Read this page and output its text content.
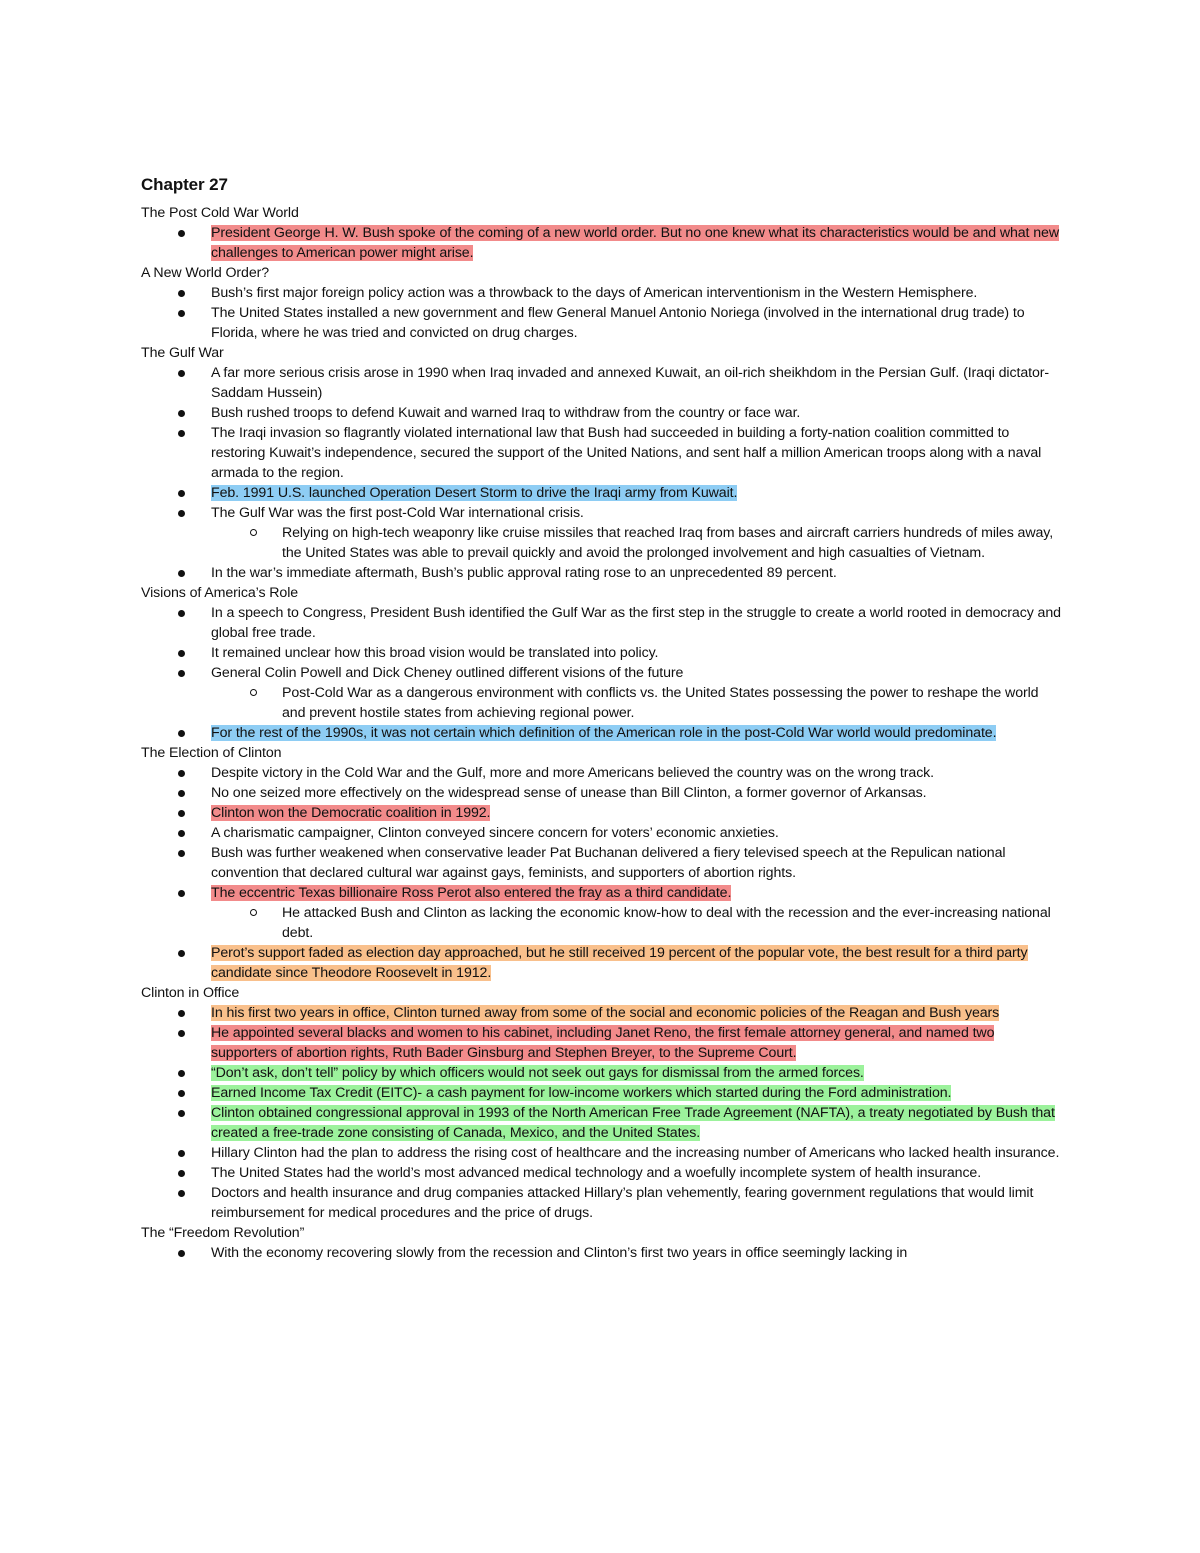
Chapter 27
The Post Cold War World
President George H. W. Bush spoke of the coming of a new world order. But no one knew what its characteristics would be and what new challenges to American power might arise.
A New World Order?
Bush’s first major foreign policy action was a throwback to the days of American interventionism in the Western Hemisphere.
The United States installed a new government and flew General Manuel Antonio Noriega (involved in the international drug trade) to Florida, where he was tried and convicted on drug charges.
The Gulf War
A far more serious crisis arose in 1990 when Iraq invaded and annexed Kuwait, an oil-rich sheikhdom in the Persian Gulf. (Iraqi dictator- Saddam Hussein)
Bush rushed troops to defend Kuwait and warned Iraq to withdraw from the country or face war.
The Iraqi invasion so flagrantly violated international law that Bush had succeeded in building a forty-nation coalition committed to restoring Kuwait’s independence, secured the support of the United Nations, and sent half a million American troops along with a naval armada to the region.
Feb. 1991 U.S. launched Operation Desert Storm to drive the Iraqi army from Kuwait.
The Gulf War was the first post-Cold War international crisis.
Relying on high-tech weaponry like cruise missiles that reached Iraq from bases and aircraft carriers hundreds of miles away, the United States was able to prevail quickly and avoid the prolonged involvement and high casualties of Vietnam.
In the war’s immediate aftermath, Bush’s public approval rating rose to an unprecedented 89 percent.
Visions of America’s Role
In a speech to Congress, President Bush identified the Gulf War as the first step in the struggle to create a world rooted in democracy and global free trade.
It remained unclear how this broad vision would be translated into policy.
General Colin Powell and Dick Cheney outlined different visions of the future
Post-Cold War as a dangerous environment with conflicts vs. the United States possessing the power to reshape the world and prevent hostile states from achieving regional power.
For the rest of the 1990s, it was not certain which definition of the American role in the post-Cold War world would predominate.
The Election of Clinton
Despite victory in the Cold War and the Gulf, more and more Americans believed the country was on the wrong track.
No one seized more effectively on the widespread sense of unease than Bill Clinton, a former governor of Arkansas.
Clinton won the Democratic coalition in 1992.
A charismatic campaigner, Clinton conveyed sincere concern for voters’ economic anxieties.
Bush was further weakened when conservative leader Pat Buchanan delivered a fiery televised speech at the Repulican national convention that declared cultural war against gays, feminists, and supporters of abortion rights.
The eccentric Texas billionaire Ross Perot also entered the fray as a third candidate.
He attacked Bush and Clinton as lacking the economic know-how to deal with the recession and the ever-increasing national debt.
Perot’s support faded as election day approached, but he still received 19 percent of the popular vote, the best result for a third party candidate since Theodore Roosevelt in 1912.
Clinton in Office
In his first two years in office, Clinton turned away from some of the social and economic policies of the Reagan and Bush years
He appointed several blacks and women to his cabinet, including Janet Reno, the first female attorney general, and named two supporters of abortion rights, Ruth Bader Ginsburg and Stephen Breyer, to the Supreme Court.
“Don’t ask, don’t tell” policy by which officers would not seek out gays for dismissal from the armed forces.
Earned Income Tax Credit (EITC)- a cash payment for low-income workers which started during the Ford administration.
Clinton obtained congressional approval in 1993 of the North American Free Trade Agreement (NAFTA), a treaty negotiated by Bush that created a free-trade zone consisting of Canada, Mexico, and the United States.
Hillary Clinton had the plan to address the rising cost of healthcare and the increasing number of Americans who lacked health insurance.
The United States had the world’s most advanced medical technology and a woefully incomplete system of health insurance.
Doctors and health insurance and drug companies attacked Hillary’s plan vehemently, fearing government regulations that would limit reimbursement for medical procedures and the price of drugs.
The “Freedom Revolution”
With the economy recovering slowly from the recession and Clinton’s first two years in office seemingly lacking in
